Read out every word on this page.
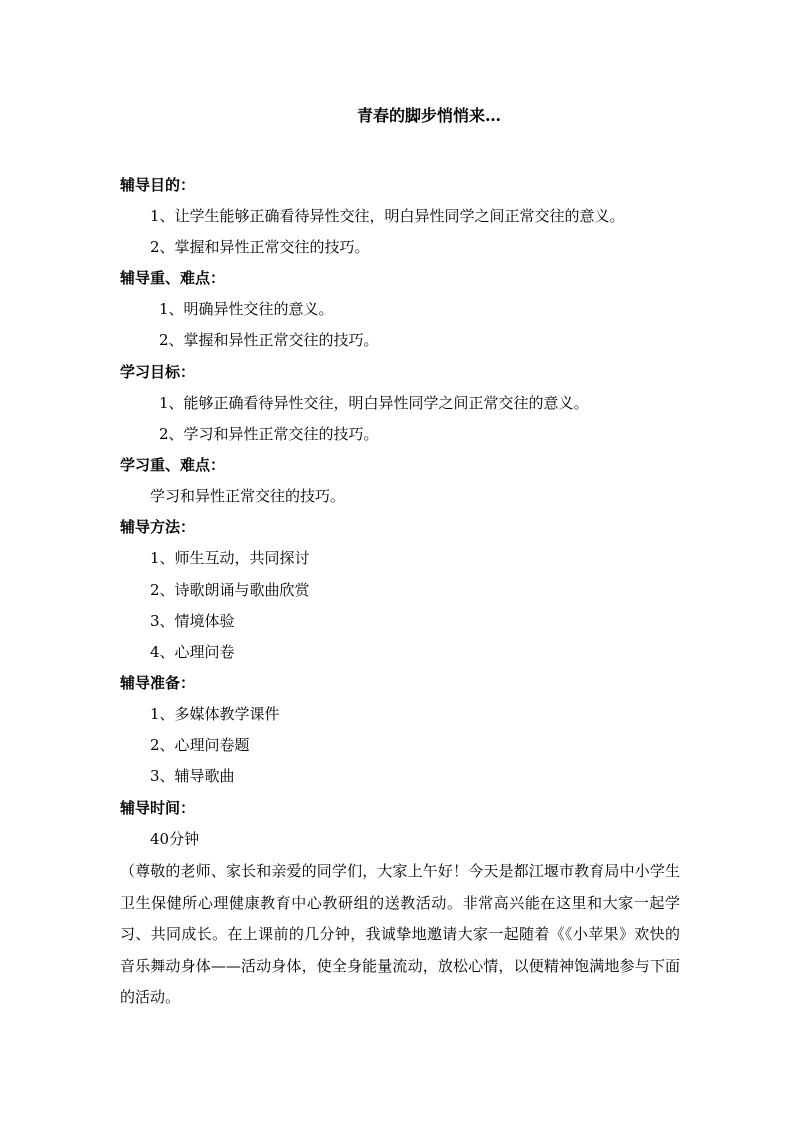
青春的脚步悄悄来…
辅导目的：
1、让学生能够正确看待异性交往，明白异性同学之间正常交往的意义。
2、掌握和异性正常交往的技巧。
辅导重、难点：
1、明确异性交往的意义。
2、掌握和异性正常交往的技巧。
学习目标：
1、能够正确看待异性交往，明白异性同学之间正常交往的意义。
2、学习和异性正常交往的技巧。
学习重、难点：
学习和异性正常交往的技巧。
辅导方法：
1、师生互动，共同探讨
2、诗歌朗诵与歌曲欣赏
3、情境体验
4、心理问卷
辅导准备：
1、多媒体教学课件
2、心理问卷题
3、辅导歌曲
辅导时间：
40分钟
（尊敬的老师、家长和亲爱的同学们，大家上午好！今天是都江堰市教育局中小学生卫生保健所心理健康教育中心教研组的送教活动。非常高兴能在这里和大家一起学习、共同成长。在上课前的几分钟，我诚挚地邀请大家一起随着《《小苹果》欢快的音乐舞动身体——活动身体，使全身能量流动，放松心情，以便精神饱满地参与下面的活动。
